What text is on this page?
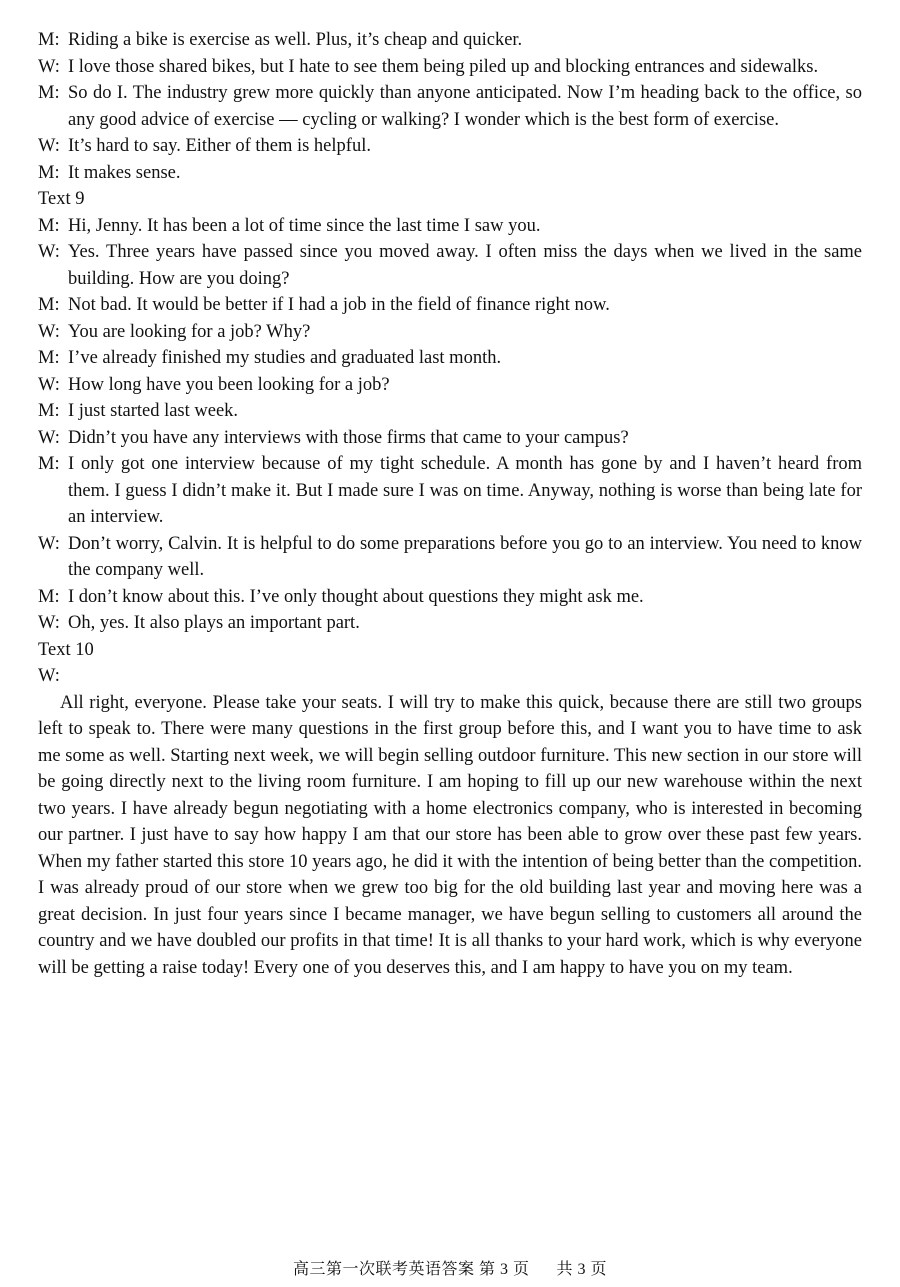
M: Riding a bike is exercise as well. Plus, it’s cheap and quicker.
W: I love those shared bikes, but I hate to see them being piled up and blocking entrances and sidewalks.
M: So do I. The industry grew more quickly than anyone anticipated. Now I’m heading back to the office, so any good advice of exercise — cycling or walking? I wonder which is the best form of exercise.
W: It’s hard to say. Either of them is helpful.
M: It makes sense.

Text 9

M: Hi, Jenny. It has been a lot of time since the last time I saw you.
W: Yes. Three years have passed since you moved away. I often miss the days when we lived in the same building. How are you doing?
M: Not bad. It would be better if I had a job in the field of finance right now.
W: You are looking for a job? Why?
M: I’ve already finished my studies and graduated last month.
W: How long have you been looking for a job?
M: I just started last week.
W: Didn’t you have any interviews with those firms that came to your campus?
M: I only got one interview because of my tight schedule. A month has gone by and I haven’t heard from them. I guess I didn’t make it. But I made sure I was on time. Anyway, nothing is worse than being late for an interview.
W: Don’t worry, Calvin. It is helpful to do some preparations before you go to an interview. You need to know the company well.
M: I don’t know about this. I’ve only thought about questions they might ask me.
W: Oh, yes. It also plays an important part.

Text 10

W:

All right, everyone. Please take your seats. I will try to make this quick, because there are still two groups left to speak to. There were many questions in the first group before this, and I want you to have time to ask me some as well. Starting next week, we will begin selling outdoor furniture. This new section in our store will be going directly next to the living room furniture. I am hoping to fill up our new warehouse within the next two years. I have already begun negotiating with a home electronics company, who is interested in becoming our partner. I just have to say how happy I am that our store has been able to grow over these past few years. When my father started this store 10 years ago, he did it with the intention of being better than the competition. I was already proud of our store when we grew too big for the old building last year and moving here was a great decision. In just four years since I became manager, we have begun selling to customers all around the country and we have doubled our profits in that time! It is all thanks to your hard work, which is why everyone will be getting a raise today! Every one of you deserves this, and I am happy to have you on my team.

高三第一次联考英语答案 第 3 页 共 3 页
